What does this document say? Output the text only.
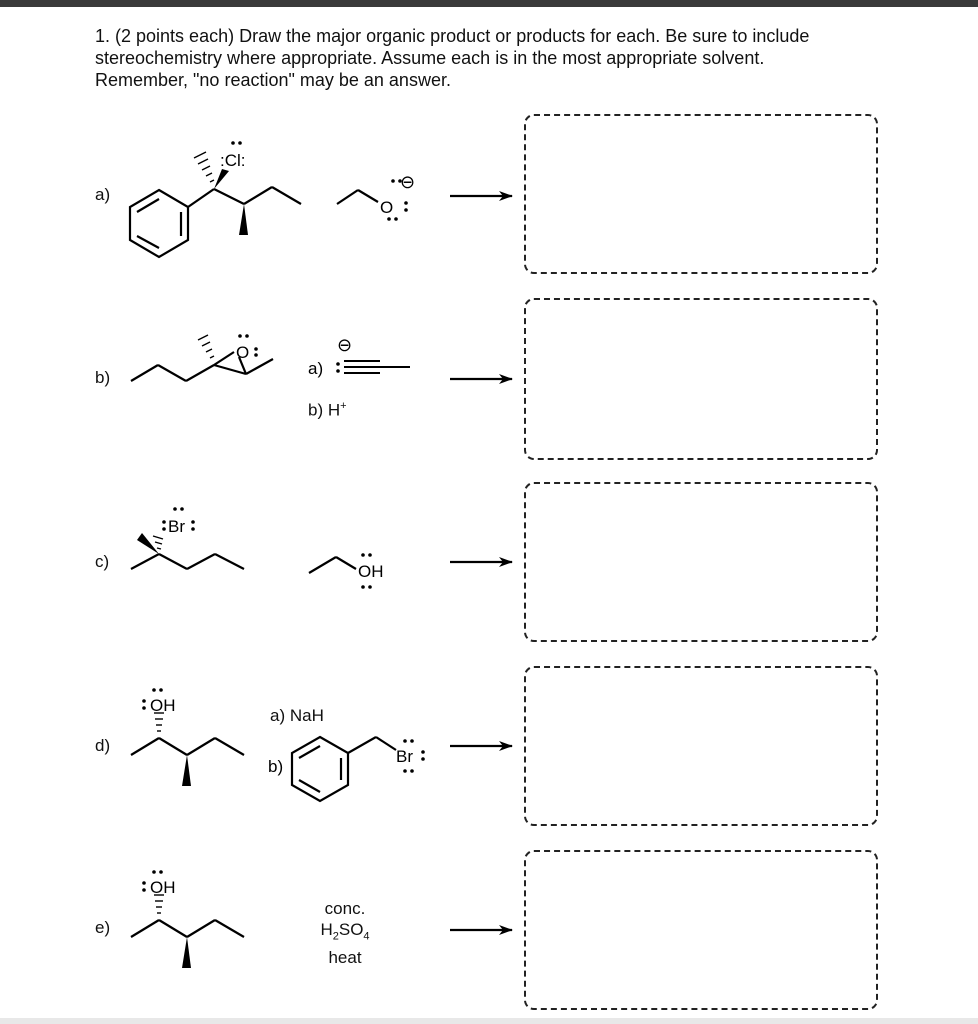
1. (2 points each) Draw the major organic product or products for each. Be sure to include
stereochemistry where appropriate. Assume each is in the most appropriate solvent.
Remember, "no reaction" may be an answer.

a)
b)
c)
d)
e)
b) H+
a) NaH
conc.
$H_2SO_4$
heat
:Cl:
O
⊖
O
a)
⊖
Br
OH
OH
b)
Br
OH
